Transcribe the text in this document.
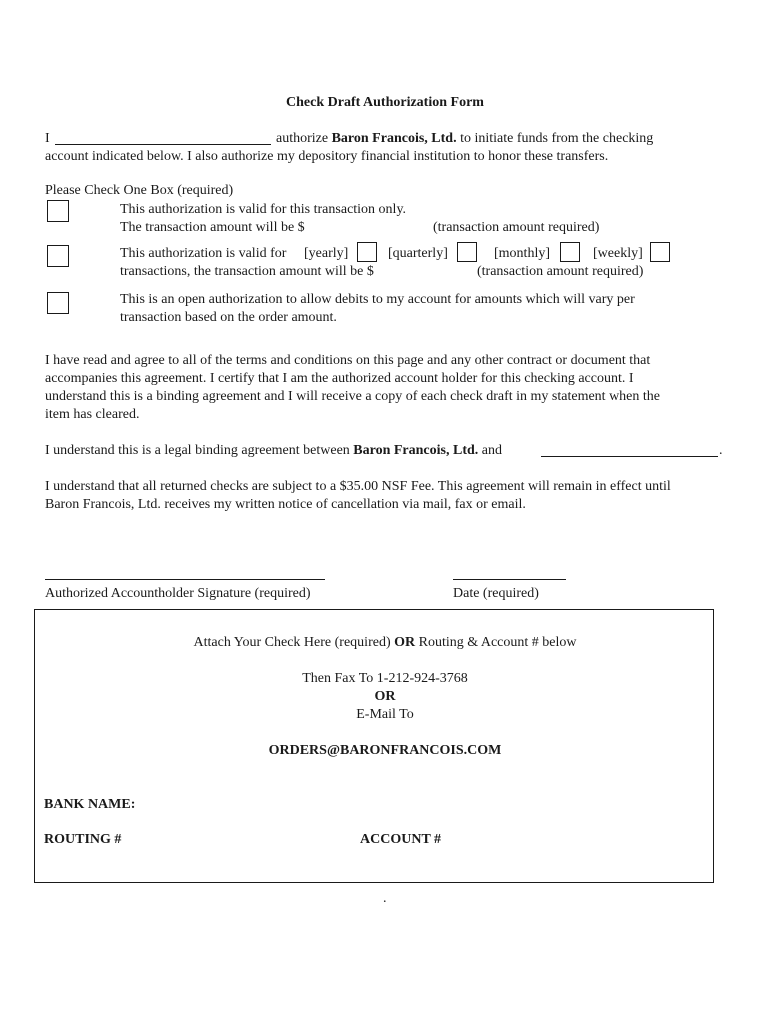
Check Draft Authorization Form
I	authorize Baron Francois, Ltd. to initiate funds from the checking
account indicated below. I also authorize my depository financial institution to honor these transfers.
Please Check One Box (required)
This authorization is valid for this transaction only.
The transaction amount will be $	(transaction amount required)
This authorization is valid for [yearly]	[quarterly]	[monthly]	[weekly]
transactions, the transaction amount will be $	(transaction amount required)
This is an open authorization to allow debits to my account for amounts which will vary per
transaction based on the order amount.
I have read and agree to all of the terms and conditions on this page and any other contract or document that
accompanies this agreement. I certify that I am the authorized account holder for this checking account. I
understand this is a binding agreement and I will receive a copy of each check draft in my statement when the
item has cleared.
I understand this is a legal binding agreement between Baron Francois, Ltd. and	.
I understand that all returned checks are subject to a $35.00 NSF Fee. This agreement will remain in effect until
Baron Francois, Ltd. receives my written notice of cancellation via mail, fax or email.
Authorized Accountholder Signature (required)	Date (required)
Attach Your Check Here (required) OR Routing & Account # below
Then Fax To 1-212-924-3768
OR
E-Mail To
ORDERS@BARONFRANCOIS.COM
BANK NAME:
ROUTING #	ACCOUNT #
.
